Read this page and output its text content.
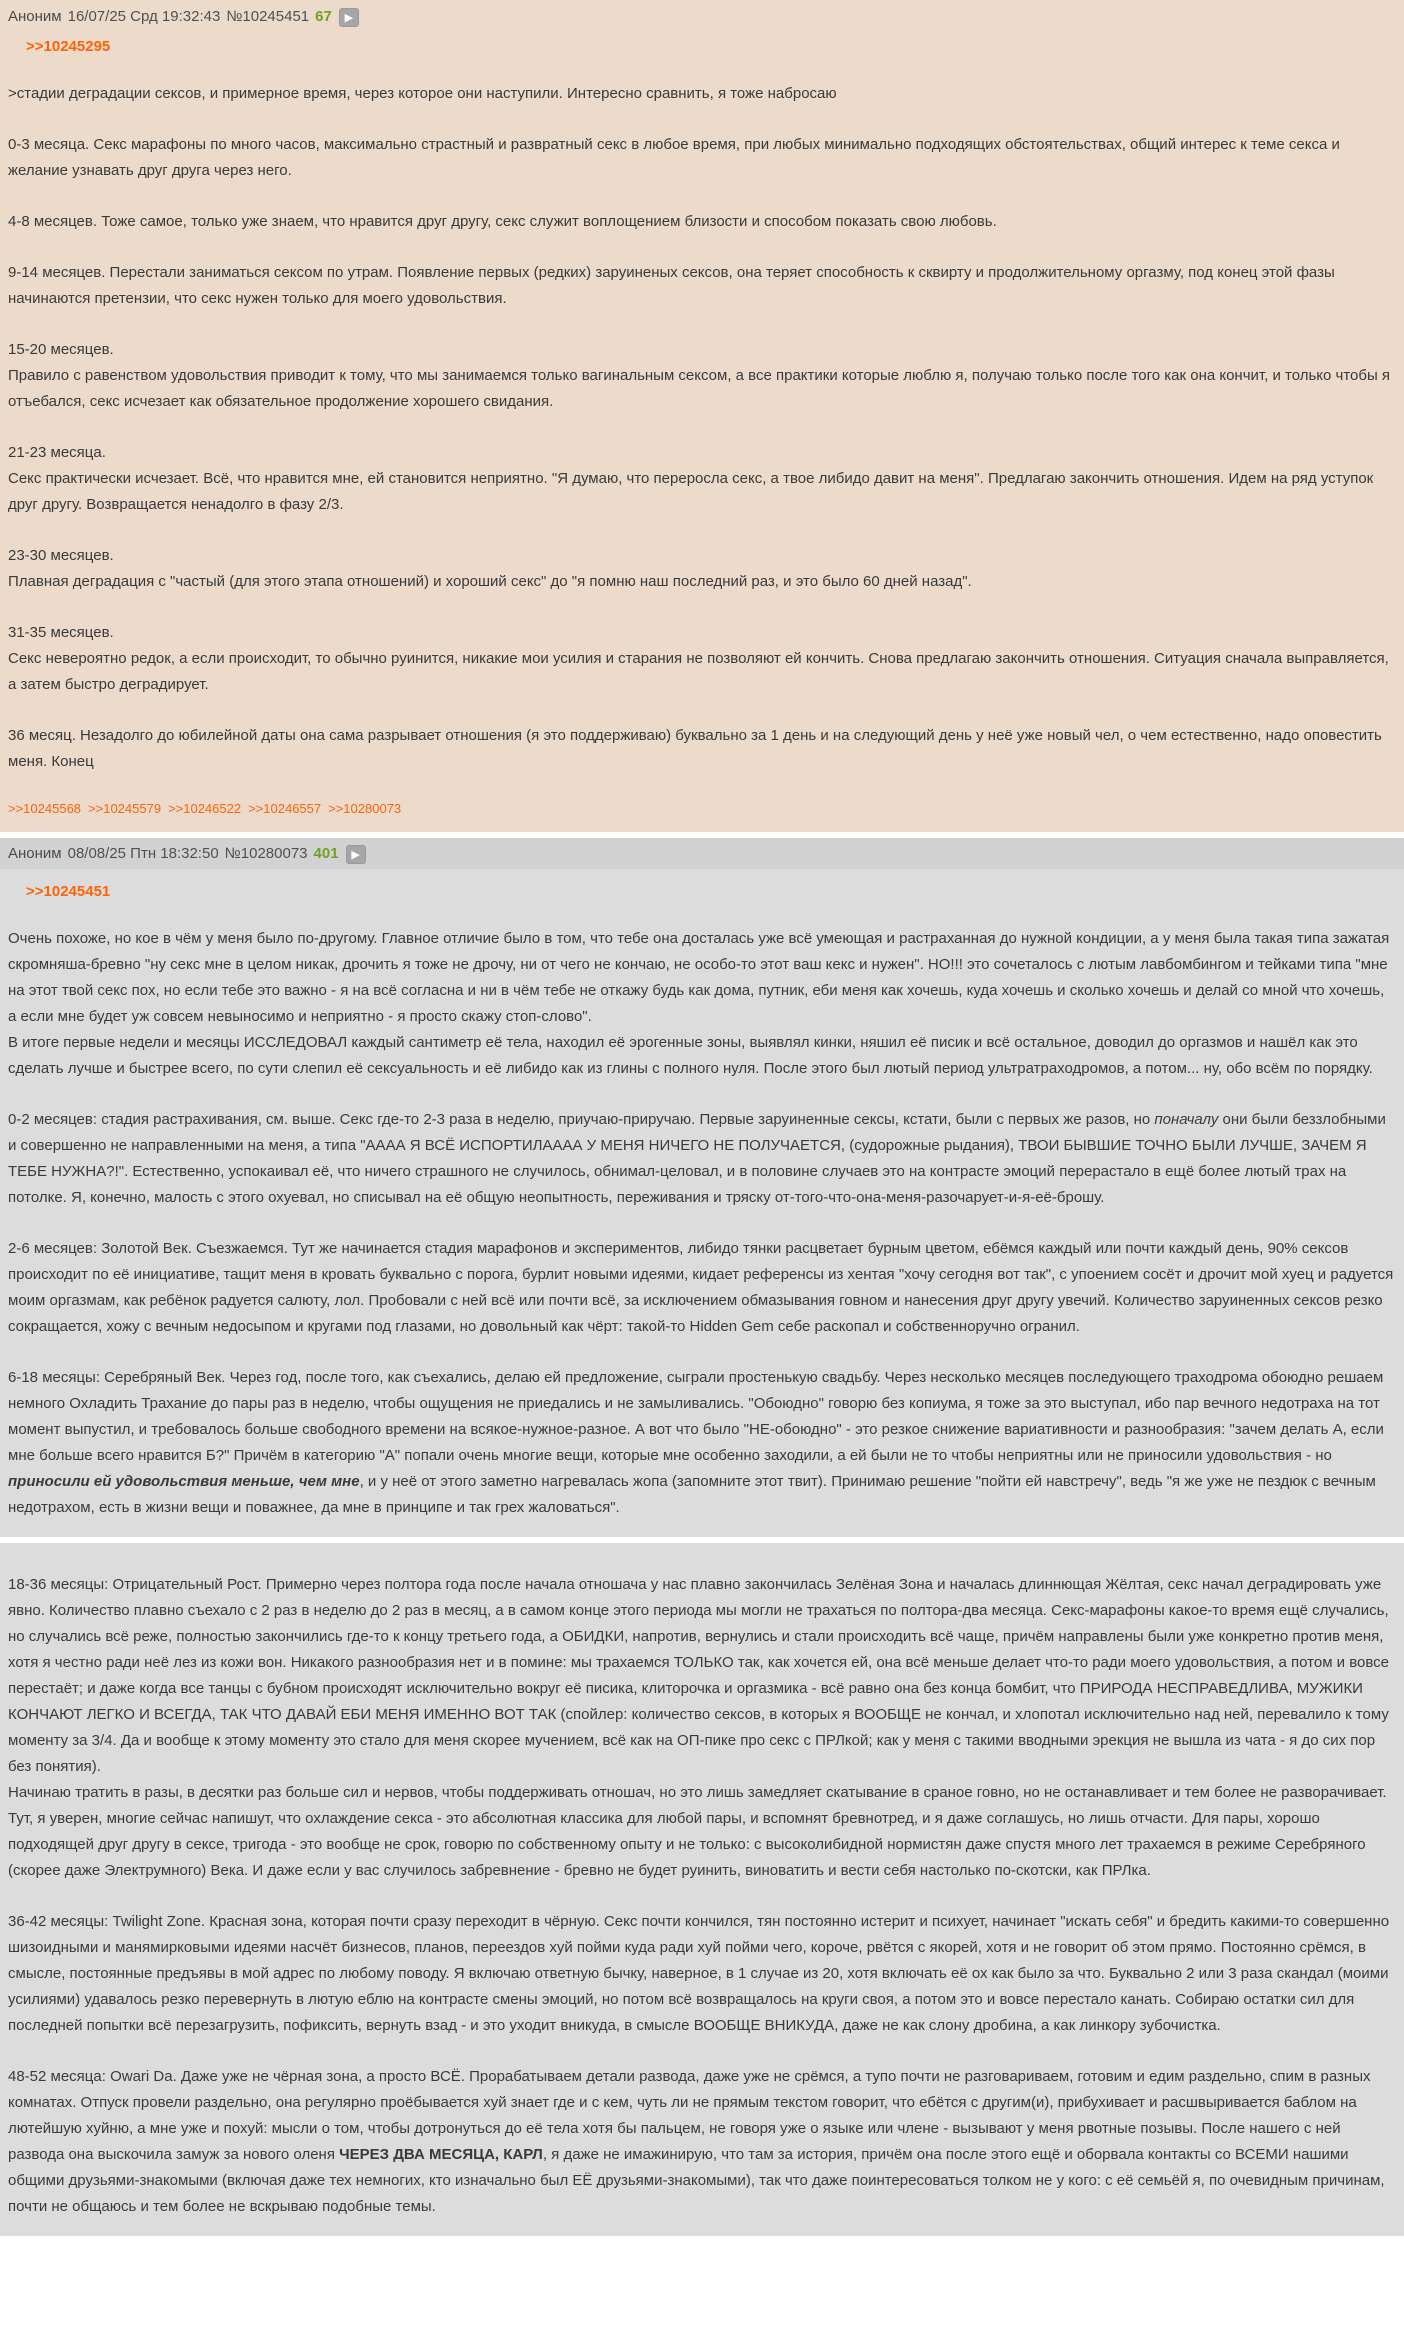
Аноним 16/07/25 Срд 19:32:43 №10245451 67	▶
>>10245295

>стадии деградации сексов, и примерное время, через которое они наступили. Интересно сравнить, я тоже набросаю

0-3 месяца. Секс марафоны по много часов, максимально страстный и развратный секс в любое время, при любых минимально подходящих обстоятельствах, общий интерес к теме секса и желание узнавать друг друга через него.

4-8 месяцев. Тоже самое, только уже знаем, что нравится друг другу, секс служит воплощением близости и способом показать свою любовь.

9-14 месяцев. Перестали заниматься сексом по утрам. Появление первых (редких) заруиненых сексов, она теряет способность к сквирту и продолжительному оргазму, под конец этой фазы начинаются претензии, что секс нужен только для моего удовольствия.

15-20 месяцев.
Правило с равенством удовольствия приводит к тому, что мы занимаемся только вагинальным сексом, а все практики которые люблю я, получаю только после того как она кончит, и только чтобы я отъебался, секс исчезает как обязательное продолжение хорошего свидания.

21-23 месяца.
Секс практически исчезает. Всё, что нравится мне, ей становится неприятно. "Я думаю, что переросла секс, а твое либидо давит на меня". Предлагаю закончить отношения. Идем на ряд уступок друг другу. Возвращается ненадолго в фазу 2/3.

23-30 месяцев.
Плавная деградация с "частый (для этого этапа отношений) и хороший секс" до "я помню наш последний раз, и это было 60 дней назад".

31-35 месяцев.
Секс невероятно редок, а если происходит, то обычно руинится, никакие мои усилия и старания не позволяют ей кончить. Снова предлагаю закончить отношения. Ситуация сначала выправляется, а затем быстро деградирует.

36 месяц. Незадолго до юбилейной даты она сама разрывает отношения (я это поддерживаю) буквально за 1 день и на следующий день у неё уже новый чел, о чем естественно, надо оповестить меня. Конец

>>10245568 >>10245579 >>10246522 >>10246557 >>10280073
Аноним 08/08/25 Птн 18:32:50 №10280073 401	▶
>>10245451

Очень похоже, но кое в чём у меня было по-другому. Главное отличие было в том, что тебе она досталась уже всё умеющая и растраханная до нужной кондиции, а у меня была такая типа зажатая скромняша-бревно "ну секс мне в целом никак, дрочить я тоже не дрочу, ни от чего не кончаю, не особо-то этот ваш кекс и нужен". НО!!! это сочеталось с лютым лавбомбингом и тейками типа "мне на этот твой секс пох, но если тебе это важно - я на всё согласна и ни в чём тебе не откажу будь как дома, путник, еби меня как хочешь, куда хочешь и сколько хочешь и делай со мной что хочешь, а если мне будет уж совсем невыносимо и неприятно - я просто скажу стоп-слово".
В итоге первые недели и месяцы ИССЛЕДОВАЛ каждый сантиметр её тела, находил её эрогенные зоны, выявлял кинки, няшил её писик и всё остальное, доводил до оргазмов и нашёл как это сделать лучше и быстрее всего, по сути слепил её сексуальность и её либидо как из глины с полного нуля. После этого был лютый период ультратраходромов, а потом... ну, обо всём по порядку.

0-2 месяцев: стадия растрахивания, см. выше. Секс где-то 2-3 раза в неделю, приучаю-приручаю. Первые заруиненные сексы, кстати, были с первых же разов, но поначалу они были беззлобными и совершенно не направленными на меня, а типа "АААА Я ВСЁ ИСПОРТИЛАААА У МЕНЯ НИЧЕГО НЕ ПОЛУЧАЕТСЯ, (судорожные рыдания), ТВОИ БЫВШИЕ ТОЧНО БЫЛИ ЛУЧШЕ, ЗАЧЕМ Я ТЕБЕ НУЖНА?!". Естественно, успокаивал её, что ничего страшного не случилось, обнимал-целовал, и в половине случаев это на контрасте эмоций перерастало в ещё более лютый трах на потолке. Я, конечно, малость с этого охуевал, но списывал на её общую неопытность, переживания и тряску от-того-что-она-меня-разочарует-и-я-её-брошу.

2-6 месяцев: Золотой Век. Съезжаемся. Тут же начинается стадия марафонов и экспериментов, либидо тянки расцветает бурным цветом, ебёмся каждый или почти каждый день, 90% сексов происходит по её инициативе, тащит меня в кровать буквально с порога, бурлит новыми идеями, кидает референсы из хентая "хочу сегодня вот так", с упоением сосёт и дрочит мой хуец и радуется моим оргазмам, как ребёнок радуется салюту, лол. Пробовали с ней всё или почти всё, за исключением обмазывания говном и нанесения друг другу увечий. Количество заруиненных сексов резко сокращается, хожу с вечным недосыпом и кругами под глазами, но довольный как чёрт: такой-то Hidden Gem себе раскопал и собственноручно огранил.

6-18 месяцы: Серебряный Век. Через год, после того, как съехались, делаю ей предложение, сыграли простенькую свадьбу. Через несколько месяцев последующего траходрома обоюдно решаем немного Охладить Трахание до пары раз в неделю, чтобы ощущения не приедались и не замыливались. "Обоюдно" говорю без копиума, я тоже за это выступал, ибо пар вечного недотраха на тот момент выпустил, и требовалось больше свободного времени на всякое-нужное-разное. А вот что было "НЕ-обоюдно" - это резкое снижение вариативности и разнообразия: "зачем делать А, если мне больше всего нравится Б?" Причём в категорию "А" попали очень многие вещи, которые мне особенно заходили, а ей были не то чтобы неприятны или не приносили удовольствия - но приносили ей удовольствия меньше, чем мне, и у неё от этого заметно нагревалась жопа (запомните этот твит). Принимаю решение "пойти ей навстречу", ведь "я же уже не пездюк с вечным недотрахом, есть в жизни вещи и поважнее, да мне в принципе и так грех жаловаться".

18-36 месяцы: Отрицательный Рост. Примерно через полтора года после начала отношача у нас плавно закончилась Зелёная Зона и началась длиннющая Жёлтая, секс начал деградировать уже явно. Количество плавно съехало с 2 раз в неделю до 2 раз в месяц, а в самом конце этого периода мы могли не трахаться по полтора-два месяца. Секс-марафоны какое-то время ещё случались, но случались всё реже, полностью закончились где-то к концу третьего года, а ОБИДКИ, напротив, вернулись и стали происходить всё чаще, причём направлены были уже конкретно против меня, хотя я честно ради неё лез из кожи вон. Никакого разнообразия нет и в помине: мы трахаемся ТОЛЬКО так, как хочется ей, она всё меньше делает что-то ради моего удовольствия, а потом и вовсе перестаёт; и даже когда все танцы с бубном происходят исключительно вокруг её писика, клиторочка и оргазмика - всё равно она без конца бомбит, что ПРИРОДА НЕСПРАВЕДЛИВА, МУЖИКИ КОНЧАЮТ ЛЕГКО И ВСЕГДА, ТАК ЧТО ДАВАЙ ЕБИ МЕНЯ ИМЕННО ВОТ ТАК (спойлер: количество сексов, в которых я ВООБЩЕ не кончал, и хлопотал исключительно над ней, перевалило к тому моменту за 3/4. Да и вообще к этому моменту это стало для меня скорее мучением, всё как на ОП-пике про секс с ПРЛкой; как у меня с такими вводными эрекция не вышла из чата - я до сих пор без понятия).
Начинаю тратить в разы, в десятки раз больше сил и нервов, чтобы поддерживать отношач, но это лишь замедляет скатывание в сраное говно, но не останавливает и тем более не разворачивает.
Тут, я уверен, многие сейчас напишут, что охлаждение секса - это абсолютная классика для любой пары, и вспомнят бревнотред, и я даже соглашусь, но лишь отчасти. Для пары, хорошо подходящей друг другу в сексе, тригода - это вообще не срок, говорю по собственному опыту и не только: с высоколибидной нормистян даже спустя много лет трахаемся в режиме Серебряного (скорее даже Электрумного) Века. И даже если у вас случилось забревнение - бревно не будет руинить, виноватить и вести себя настолько по-скотски, как ПРЛка.

36-42 месяцы: Twilight Zone. Красная зона, которая почти сразу переходит в чёрную. Секс почти кончился, тян постоянно истерит и психует, начинает "искать себя" и бредить какими-то совершенно шизоидными и манямирковыми идеями насчёт бизнесов, планов, переездов хуй пойми куда ради хуй пойми чего, короче, рвётся с якорей, хотя и не говорит об этом прямо. Постоянно срёмся, в смысле, постоянные предъявы в мой адрес по любому поводу. Я включаю ответную бычку, наверное, в 1 случае из 20, хотя включать её ох как было за что. Буквально 2 или 3 раза скандал (моими усилиями) удавалось резко перевернуть в лютую еблю на контрасте смены эмоций, но потом всё возвращалось на круги своя, а потом это и вовсе перестало канать. Собираю остатки сил для последней попытки всё перезагрузить, пофиксить, вернуть взад - и это уходит вникуда, в смысле ВООБЩЕ ВНИКУДА, даже не как слону дробина, а как линкору зубочистка.

48-52 месяца: Owari Da. Даже уже не чёрная зона, а просто ВСЁ. Прорабатываем детали развода, даже уже не срёмся, а тупо почти не разговариваем, готовим и едим раздельно, спим в разных комнатах. Отпуск провели раздельно, она регулярно проёбывается хуй знает где и с кем, чуть ли не прямым текстом говорит, что ебётся с другим(и), прибухивает и расшвыривается баблом на лютейшую хуйню, а мне уже и похуй: мысли о том, чтобы дотронуться до её тела хотя бы пальцем, не говоря уже о языке или члене - вызывают у меня рвотные позывы. После нашего с ней развода она выскочила замуж за нового оленя ЧЕРЕЗ ДВА МЕСЯЦА, КАРЛ, я даже не имажинирую, что там за история, причём она после этого ещё и оборвала контакты со ВСЕМИ нашими общими друзьями-знакомыми (включая даже тех немногих, кто изначально был ЕЁ друзьями-знакомыми), так что даже поинтересоваться толком не у кого: с её семьёй я, по очевидным причинам, почти не общаюсь и тем более не вскрываю подобные темы.
